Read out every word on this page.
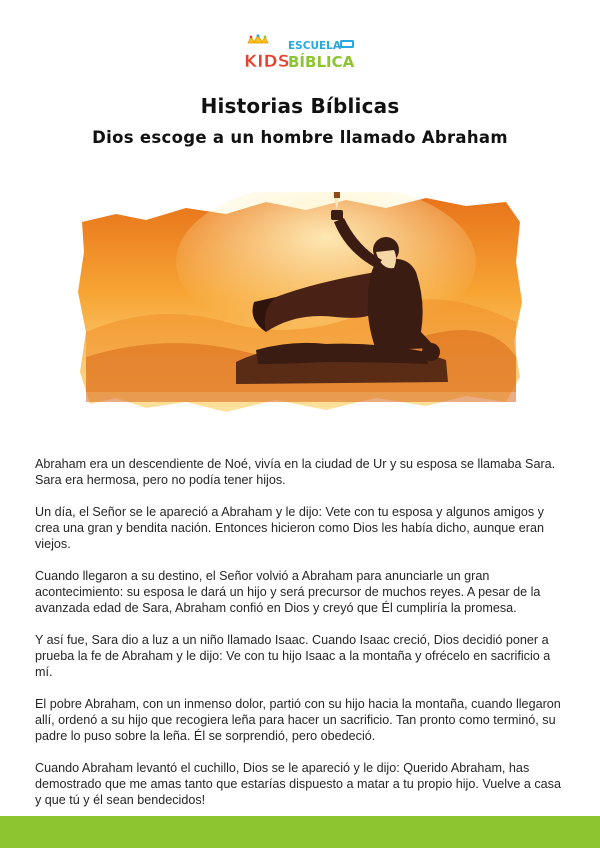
KIDS
ESCUELA
BÍBLICA
Historias Bíblicas
Dios escoge a un hombre llamado Abraham

Abraham era un descendiente de Noé, vivía en la ciudad de Ur y su esposa se llamaba Sara. Sara era hermosa, pero no podía tener hijos.

Un día, el Señor se le apareció a Abraham y le dijo: Vete con tu esposa y algunos amigos y crea una gran y bendita nación. Entonces hicieron como Dios les había dicho, aunque eran viejos.

Cuando llegaron a su destino, el Señor volvió a Abraham para anunciarle un gran acontecimiento: su esposa le dará un hijo y será precursor de muchos reyes. A pesar de la avanzada edad de Sara, Abraham confió en Dios y creyó que Él cumpliría la promesa.

Y así fue, Sara dio a luz a un niño llamado Isaac. Cuando Isaac creció, Dios decidió poner a prueba la fe de Abraham y le dijo: Ve con tu hijo Isaac a la montaña y ofrécelo en sacrificio a mí.

El pobre Abraham, con un inmenso dolor, partió con su hijo hacia la montaña, cuando llegaron allí, ordenó a su hijo que recogiera leña para hacer un sacrificio. Tan pronto como terminó, su padre lo puso sobre la leña. Él se sorprendió, pero obedeció.

Cuando Abraham levantó el cuchillo, Dios se le apareció y le dijo: Querido Abraham, has demostrado que me amas tanto que estarías dispuesto a matar a tu propio hijo. Vuelve a casa y que tú y él sean bendecidos!
